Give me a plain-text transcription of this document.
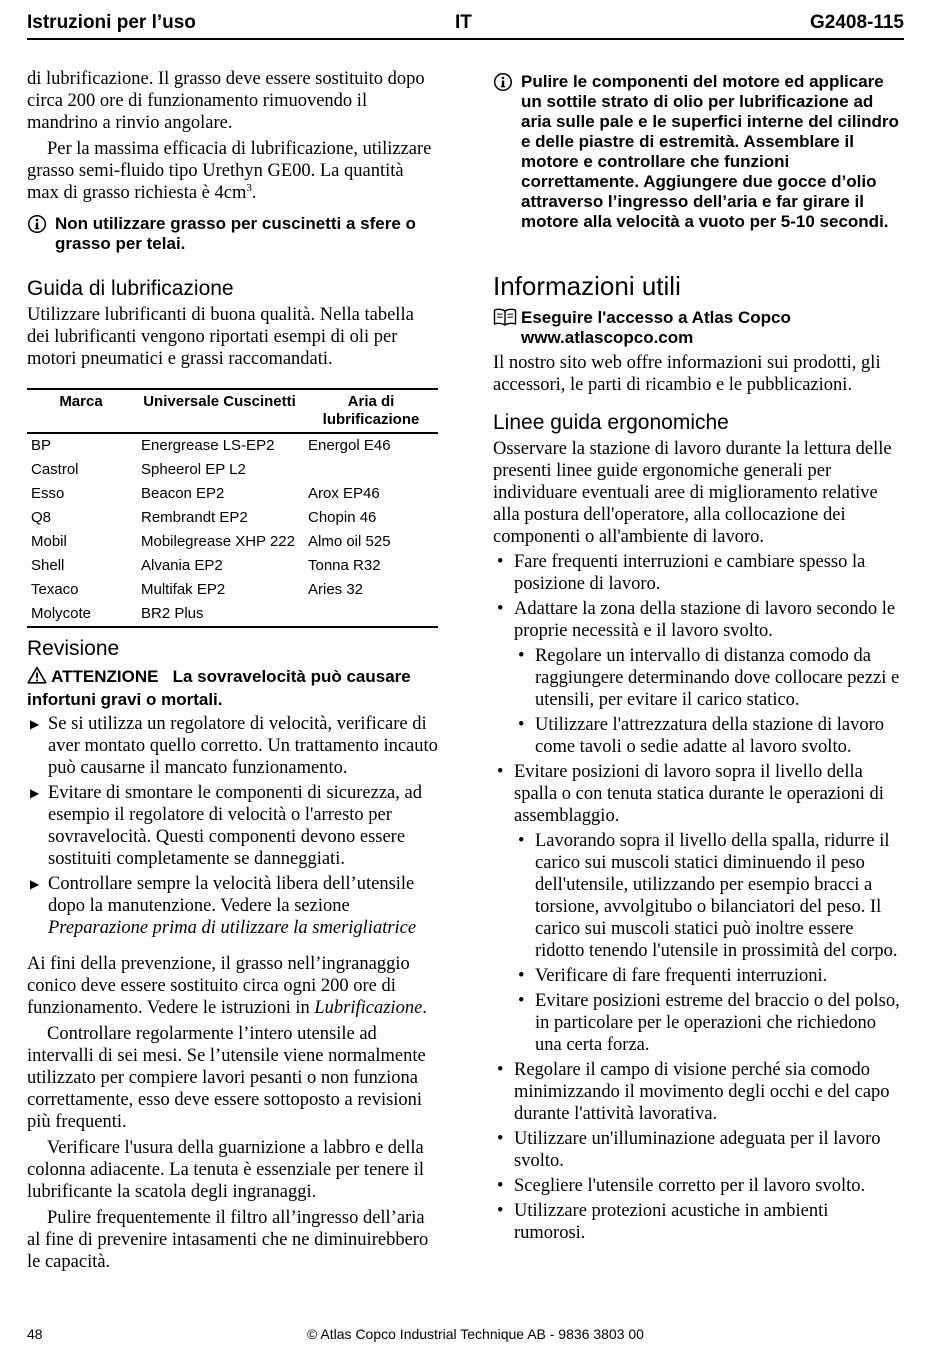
Istruzioni per l’uso	IT	G2408-115

di lubrificazione. Il grasso deve essere sostituito dopo circa 200 ore di funzionamento rimuovendo il mandrino a rinvio angolare.

Per la massima efficacia di lubrificazione, utilizzare grasso semi-fluido tipo Urethyn GE00. La quantità max di grasso richiesta è $4cm^3$.

Non utilizzare grasso per cuscinetti a sfere o grasso per telai.
Guida di lubrificazione

Utilizzare lubrificanti di buona qualità. Nella tabella dei lubrificanti vengono riportati esempi di oli per motori pneumatici e grassi raccomandati.

Marca	Universale Cuscinetti	Aria di lubrificazione
BP	Energrease LS-EP2	Energol E46
Castrol	Spheerol EP L2	
Esso	Beacon EP2	Arox EP46
Q8	Rembrandt EP2	Chopin 46
Mobil	Mobilegrease XHP 222	Almo oil 525
Shell	Alvania EP2	Tonna R32
Texaco	Multifak EP2	Aries 32
Molycote	BR2 Plus	
Revisione
ATTENZIONE La sovravelocità può causare infortuni gravi o mortali.
▶ Se si utilizza un regolatore di velocità, verificare di aver montato quello corretto. Un trattamento incauto può causarne il mancato funzionamento.
▶ Evitare di smontare le componenti di sicurezza, ad esempio il regolatore di velocità o l'arresto per sovravelocità. Questi componenti devono essere sostituiti completamente se danneggiati.
▶ Controllare sempre la velocità libera dell’utensile dopo la manutenzione. Vedere la sezione Preparazione prima di utilizzare la smerigliatrice

Ai fini della prevenzione, il grasso nell’ingranaggio conico deve essere sostituito circa ogni 200 ore di funzionamento. Vedere le istruzioni in Lubrificazione.

Controllare regolarmente l’intero utensile ad intervalli di sei mesi. Se l’utensile viene normalmente utilizzato per compiere lavori pesanti o non funziona correttamente, esso deve essere sottoposto a revisioni più frequenti.

Verificare l'usura della guarnizione a labbro e della colonna adiacente. La tenuta è essenziale per tenere il lubrificante la scatola degli ingranaggi.

Pulire frequentemente il filtro all’ingresso dell’aria al fine di prevenire intasamenti che ne diminuirebbero le capacità.

Pulire le componenti del motore ed applicare un sottile strato di olio per lubrificazione ad aria sulle pale e le superfici interne del cilindro e delle piastre di estremità. Assemblare il motore e controllare che funzioni correttamente. Aggiungere due gocce d’olio attraverso l’ingresso dell’aria e far girare il motore alla velocità a vuoto per 5-10 secondi.
Informazioni utili
Eseguire l'accesso a Atlas Copco
www.atlascopco.com

Il nostro sito web offre informazioni sui prodotti, gli accessori, le parti di ricambio e le pubblicazioni.

Linee guida ergonomiche

Osservare la stazione di lavoro durante la lettura delle presenti linee guide ergonomiche generali per individuare eventuali aree di miglioramento relative alla postura dell'operatore, alla collocazione dei componenti o all'ambiente di lavoro.

• Fare frequenti interruzioni e cambiare spesso la posizione di lavoro.
• Adattare la zona della stazione di lavoro secondo le proprie necessità e il lavoro svolto.
• Regolare un intervallo di distanza comodo da raggiungere determinando dove collocare pezzi e utensili, per evitare il carico statico.
• Utilizzare l'attrezzatura della stazione di lavoro come tavoli o sedie adatte al lavoro svolto.
• Evitare posizioni di lavoro sopra il livello della spalla o con tenuta statica durante le operazioni di assemblaggio.
• Lavorando sopra il livello della spalla, ridurre il carico sui muscoli statici diminuendo il peso dell'utensile, utilizzando per esempio bracci a torsione, avvolgitubo o bilanciatori del peso. Il carico sui muscoli statici può inoltre essere ridotto tenendo l'utensile in prossimità del corpo.
• Verificare di fare frequenti interruzioni.
• Evitare posizioni estreme del braccio o del polso, in particolare per le operazioni che richiedono una certa forza.
• Regolare il campo di visione perché sia comodo minimizzando il movimento degli occhi e del capo durante l'attività lavorativa.
• Utilizzare un'illuminazione adeguata per il lavoro svolto.
• Scegliere l'utensile corretto per il lavoro svolto.
• Utilizzare protezioni acustiche in ambienti rumorosi.
48	© Atlas Copco Industrial Technique AB - 9836 3803 00
